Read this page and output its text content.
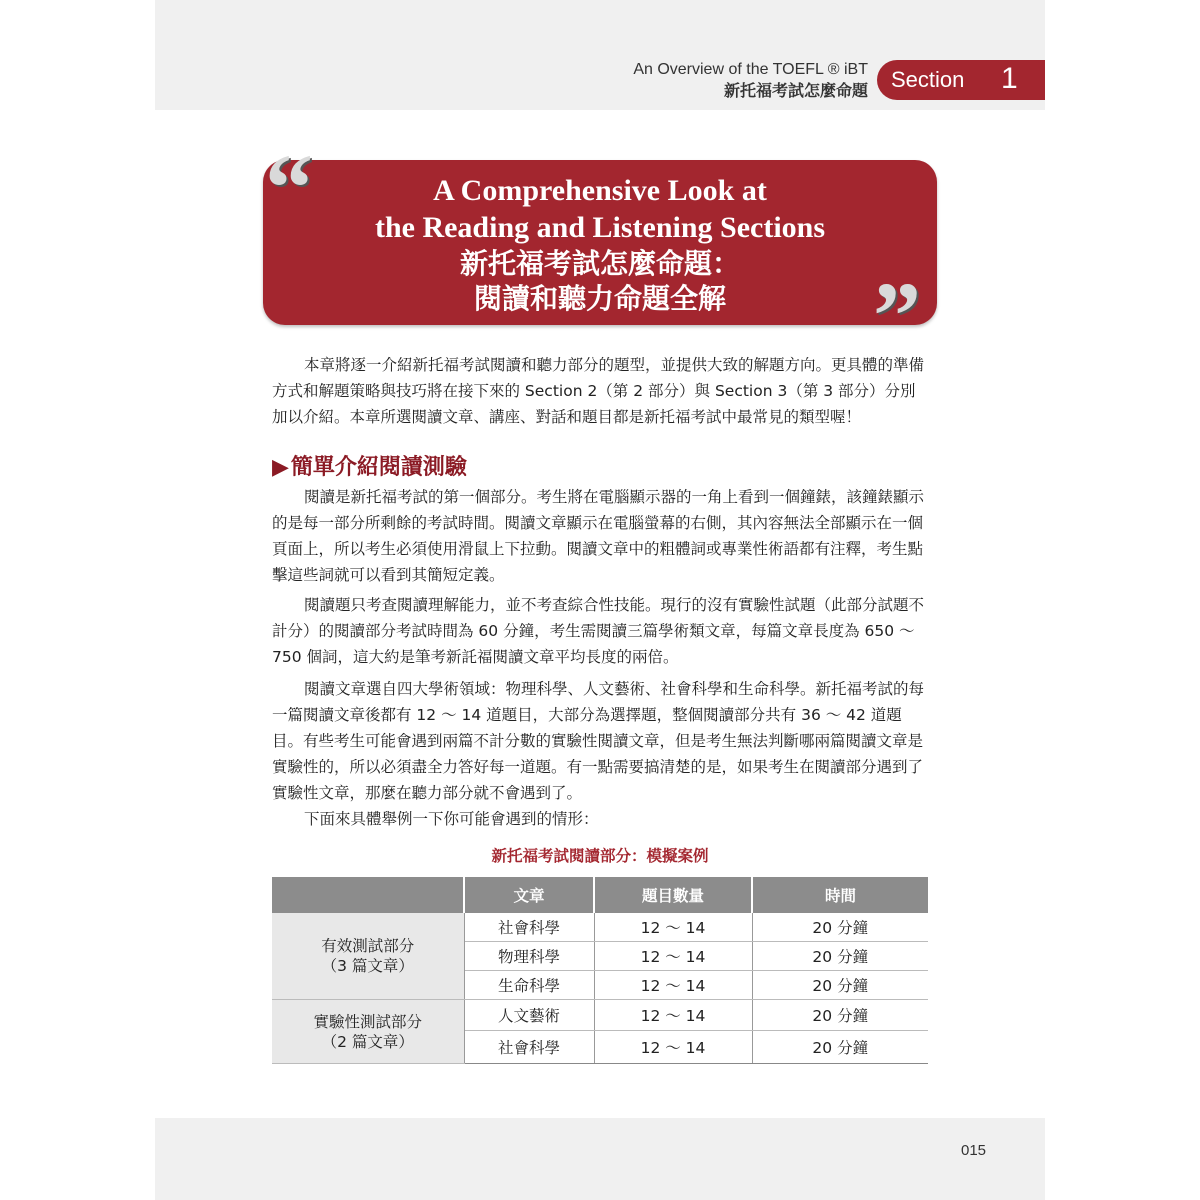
An Overview of the TOEFL ® iBT
新托福考試怎麼命題 Section 1
A Comprehensive Look at
the Reading and Listening Sections
新托福考試怎麼命題：
閱讀和聽力命題全解
“
”
本章將逐一介紹新托福考試閱讀和聽力部分的題型，並提供大致的解題方向。更具體的準備方式和解題策略與技巧將在接下來的 Section 2（第 2 部分）與 Section 3（第 3 部分）分別加以介紹。本章所選閱讀文章、講座、對話和題目都是新托福考試中最常見的類型喔！
▶簡單介紹閱讀測驗
閱讀是新托福考試的第一個部分。考生將在電腦顯示器的一角上看到一個鐘錶，該鐘錶顯示的是每一部分所剩餘的考試時間。閱讀文章顯示在電腦螢幕的右側，其內容無法全部顯示在一個頁面上，所以考生必須使用滑鼠上下拉動。閱讀文章中的粗體詞或專業性術語都有注釋，考生點擊這些詞就可以看到其簡短定義。
閱讀題只考查閱讀理解能力，並不考查綜合性技能。現行的沒有實驗性試題（此部分試題不計分）的閱讀部分考試時間為 60 分鐘，考生需閱讀三篇學術類文章，每篇文章長度為 650 ～ 750 個詞，這大約是筆考新託福閱讀文章平均長度的兩倍。
閱讀文章選自四大學術領域：物理科學、人文藝術、社會科學和生命科學。新托福考試的每一篇閱讀文章後都有 12 ～ 14 道題目，大部分為選擇題，整個閱讀部分共有 36 ～ 42 道題目。有些考生可能會遇到兩篇不計分數的實驗性閱讀文章，但是考生無法判斷哪兩篇閱讀文章是實驗性的，所以必須盡全力答好每一道題。有一點需要搞清楚的是，如果考生在閱讀部分遇到了實驗性文章，那麼在聽力部分就不會遇到了。
下面來具體舉例一下你可能會遇到的情形：
新托福考試閱讀部分：模擬案例
	文章	題目數量	時間

有效測試部分
（3 篇文章）	社會科學	12 ～ 14	20 分鐘
	物理科學	12 ～ 14	20 分鐘
	生命科學	12 ～ 14	20 分鐘

實驗性測試部分
（2 篇文章）	人文藝術	12 ～ 14	20 分鐘
	社會科學	12 ～ 14	20 分鐘
015
